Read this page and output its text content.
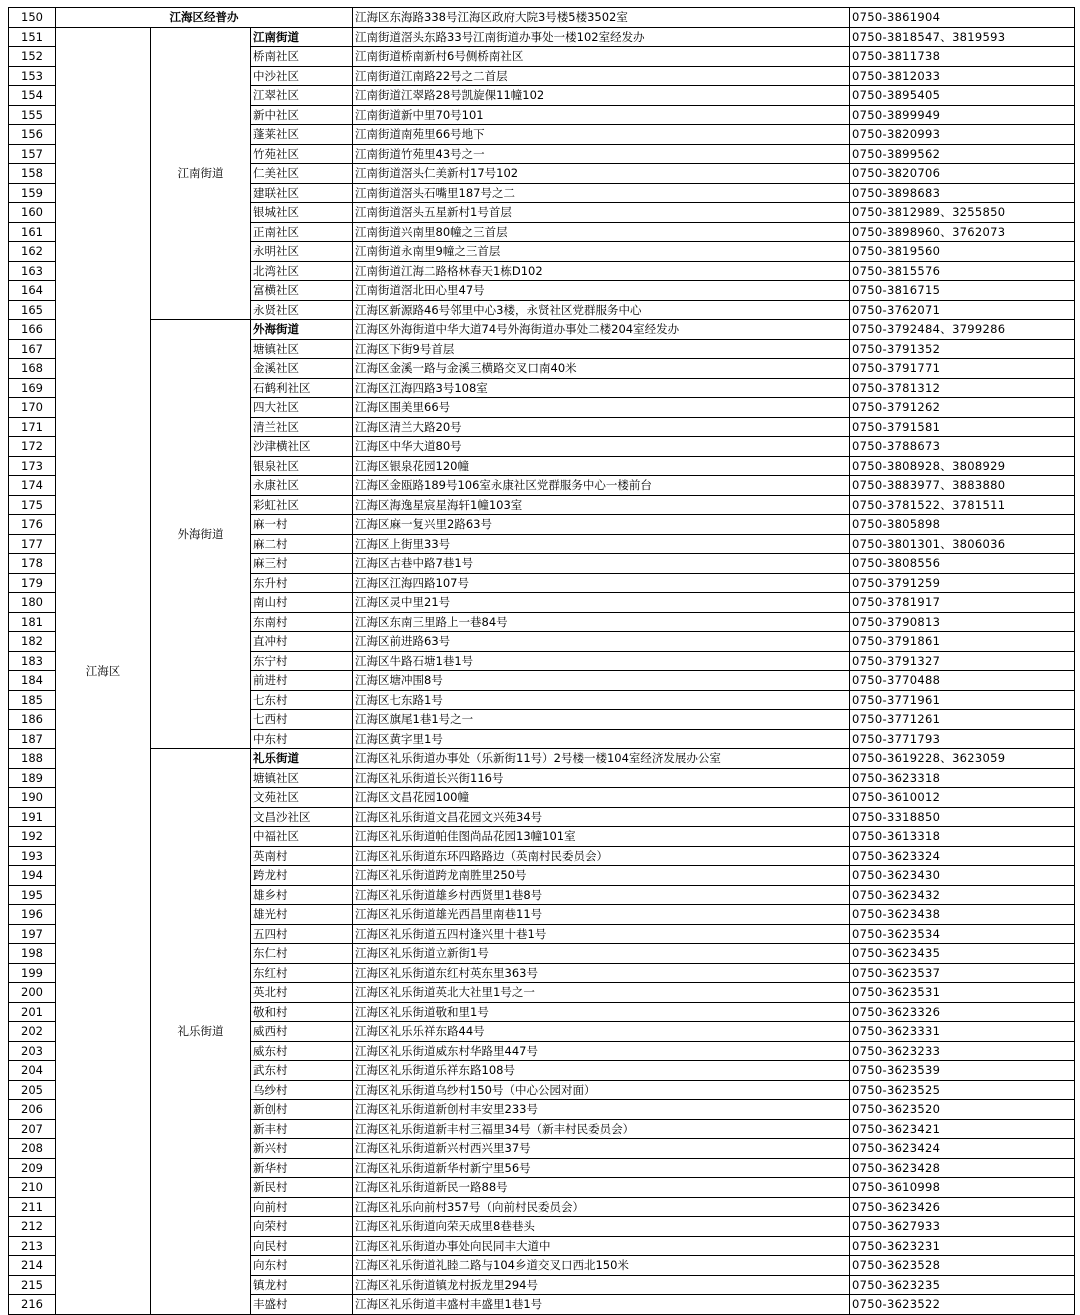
150	江海区经普办			江海区东海路338号江海区政府大院3号楼5楼3502室	0750-3861904
151	江海区	江南街道	江南街道	江南街道滘头东路33号江南街道办事处一楼102室经发办	0750-3818547、3819593
152			桥南社区	江南街道桥南新村6号侧桥南社区	0750-3811738
153			中沙社区	江南街道江南路22号之二首层	0750-3812033
154			江翠社区	江南街道江翠路28号凯旋倮11幢102	0750-3895405
155			新中社区	江南街道新中里70号101	0750-3899949
156			蓬莱社区	江南街道南苑里66号地下	0750-3820993
157			竹苑社区	江南街道竹苑里43号之一	0750-3899562
158			仁美社区	江南街道滘头仁美新村17号102	0750-3820706
159			建联社区	江南街道滘头石嘴里187号之二	0750-3898683
160			银城社区	江南街道滘头五星新村1号首层	0750-3812989、3255850
161			正南社区	江南街道兴南里80幢之三首层	0750-3898960、3762073
162			永明社区	江南街道永南里9幢之三首层	0750-3819560
163			北湾社区	江南街道江海二路格林春天1栋D102	0750-3815576
164			富横社区	江南街道滘北田心里47号	0750-3816715
165			永贤社区	江海区新源路46号邻里中心3楼，永贤社区党群服务中心	0750-3762071
166		外海街道	外海街道	江海区外海街道中华大道74号外海街道办事处二楼204室经发办	0750-3792484、3799286
167			塘镇社区	江海区下街9号首层	0750-3791352
168			金溪社区	江海区金溪一路与金溪三横路交叉口南40米	0750-3791771
169			石鹤利社区	江海区江海四路3号108室	0750-3781312
170			四大社区	江海区围美里66号	0750-3791262
171			清兰社区	江海区清兰大路20号	0750-3791581
172			沙津横社区	江海区中华大道80号	0750-3788673
173			银泉社区	江海区银泉花园120幢	0750-3808928、3808929
174			永康社区	江海区金瓯路189号106室永康社区党群服务中心一楼前台	0750-3883977、3883880
175			彩虹社区	江海区海逸星宸星海轩1幢103室	0750-3781522、3781511
176			麻一村	江海区麻一复兴里2路63号	0750-3805898
177			麻二村	江海区上街里33号	0750-3801301、3806036
178			麻三村	江海区古巷中路7巷1号	0750-3808556
179			东升村	江海区江海四路107号	0750-3791259
180			南山村	江海区灵中里21号	0750-3781917
181			东南村	江海区东南三里路上一巷84号	0750-3790813
182			直冲村	江海区前进路63号	0750-3791861
183			东宁村	江海区牛路石塘1巷1号	0750-3791327
184			前进村	江海区塘冲围8号	0750-3770488
185			七东村	江海区七东路1号	0750-3771961
186			七西村	江海区旗尾1巷1号之一	0750-3771261
187			中东村	江海区黄字里1号	0750-3771793
188		礼乐街道	礼乐街道	江海区礼乐街道办事处（乐新街11号）2号楼一楼104室经济发展办公室	0750-3619228、3623059
189			塘镇社区	江海区礼乐街道长兴街116号	0750-3623318
190			文苑社区	江海区文昌花园100幢	0750-3610012
191			文昌沙社区	江海区礼乐街道文昌花园文兴苑34号	0750-3318850
192			中福社区	江海区礼乐街道帕佳图尚品花园13幢101室	0750-3613318
193			英南村	江海区礼乐街道东环四路路边（英南村民委员会）	0750-3623324
194			跨龙村	江海区礼乐街道跨龙南胜里250号	0750-3623430
195			雄乡村	江海区礼乐街道雄乡村西贤里1巷8号	0750-3623432
196			雄光村	江海区礼乐街道雄光西昌里南巷11号	0750-3623438
197			五四村	江海区礼乐街道五四村逢兴里十巷1号	0750-3623534
198			东仁村	江海区礼乐街道立新街1号	0750-3623435
199			东红村	江海区礼乐街道东红村英东里363号	0750-3623537
200			英北村	江海区礼乐街道英北大社里1号之一	0750-3623531
201			敬和村	江海区礼乐街道敬和里1号	0750-3623326
202			威西村	江海区礼乐乐祥东路44号	0750-3623331
203			威东村	江海区礼乐街道威东村华路里447号	0750-3623233
204			武东村	江海区礼乐街道乐祥东路108号	0750-3623539
205			乌纱村	江海区礼乐街道乌纱村150号（中心公园对面）	0750-3623525
206			新创村	江海区礼乐街道新创村丰安里233号	0750-3623520
207			新丰村	江海区礼乐街道新丰村三福里34号（新丰村民委员会）	0750-3623421
208			新兴村	江海区礼乐街道新兴村西兴里37号	0750-3623424
209			新华村	江海区礼乐街道新华村新宁里56号	0750-3623428
210			新民村	江海区礼乐街道新民一路88号	0750-3610998
211			向前村	江海区礼乐向前村357号（向前村民委员会）	0750-3623426
212			向荣村	江海区礼乐街道向荣天成里8巷巷头	0750-3627933
213			向民村	江海区礼乐街道办事处向民同丰大道中	0750-3623231
214			向东村	江海区礼乐街道礼睦二路与104乡道交叉口西北150米	0750-3623528
215			镇龙村	江海区礼乐街道镇龙村扳龙里294号	0750-3623235
216			丰盛村	江海区礼乐街道丰盛村丰盛里1巷1号	0750-3623522
